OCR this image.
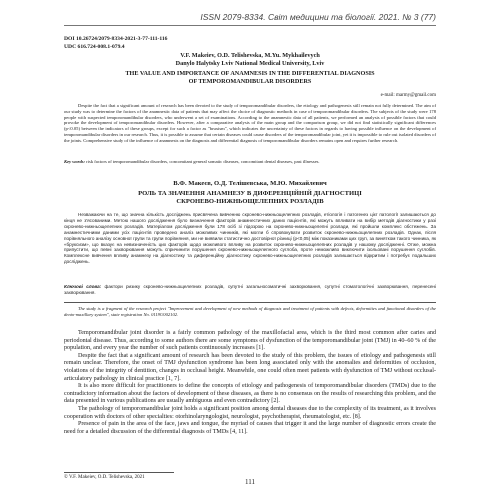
ISSN 2079-8334. Світ медицини та біології. 2021. № 3 (77)
DOI 10.26724/2079-8334-2021-3-77-111-116
UDC 616.724-008.1-079.4
V.F. Makeiev, O.D. Telishevska, M.Yu. Mykhailevych
Danylo Halytsky Lviv National Medical University, Lviv
THE VALUE AND IMPORTANCE OF ANAMNESIS IN THE DIFFERENTIAL DIAGNOSIS
OF TEMPOROMANDIBULAR DISORDERS
e-mail: marmy@gmail.com
Despite the fact that a significant amount of research has been devoted to the study of temporomandibular disorders, the etiology and pathogenesis still remain not fully determined. The aim of our study was to determine the factors of the anamnestic data of patients that may affect the choice of diagnostic methods in case of temporomandibular disorders. The subjects of the study were 178 people with suspected temporomandibular disorders, who underwent a set of examinations. According to the anamnestic data of all patients, we performed an analysis of possible factors that could provoke the development of temporomandibular disorders. However, after a comparative analysis of the main group and the comparison group, we did not find statistically significant differences (p<0.05) between the indicators of these groups, except for such a factor as "bruxism", which indicates the uncertainty of these factors in regards to having possible influence on the development of temporomandibular disorders in our research. Thus, it is possible to assume that certain diseases could cause disorders of the temporomandibular joint, yet it is impossible to rule out isolated disorders of the joints. Comprehensive study of the influence of anamnesis on the diagnosis and differential diagnosis of temporomandibular disorders remains open and requires further research.
Key words: risk factors of temporomandibular disorders, concomitant general somatic diseases, concomitant dental diseases, past illnesses.
В.Ф. Макеєв, О.Д. Телішевська, М.Ю. Михайлевич
РОЛЬ ТА ЗНАЧЕННЯ АНАМНЕЗУ В ДИФЕРЕНЦІЙНІЙ ДІАГНОСТИЦІ
СКРОНЕВО-НИЖНЬОЩЕЛЕПНИХ РОЗЛАДІВ
Незважаючи на те, що значна кількість досліджень присвячена вивченню скронево-нижньощелепних розладів, етіологія і патогенез цієї патології залишаються до кінця не з'ясованими. Метою нашого дослідження було визначення факторів анамнестичних даних пацієнтів, які можуть впливати на вибір методів діагностики у разі скронево-нижньощелепних розладів. Матеріалом дослідження були 178 осіб зі підозрою на скронево-нижньощелепні розлади, які пройшли комплекс обстежень. За анамнестичними даними усіх пацієнтів проведено аналіз можливих чинників, які могли б спровокувати розвиток скронево-нижньощелепних розладів. Однак, після порівняльного аналізу основної групи та групи порівняння, ми не виявили статистично достовірної різниці (p<0,05) між показниками цих груп, за винятком такого чинника, як «бруксизм», що вказує на невизначеність цих факторів щодо можливого впливу на розвиток скронево-нижньощелепних розладів у нашому дослідженні. Отже, можна припустити, що певні захворювання можуть спричинити порушення скронево-нижньощелепного суглоба, проте неможливо виключити ізольовані порушення суглобів. Комплексне вивчення впливу анамнезу на діагностику та диференційну діагностику скронево-нижньощелепних розладів залишається відкритим і потребує подальших досліджень.
Ключові слова: фактори ризику скронево-нижньощелепних розладів, супутні загальносоматичні захворювання, супутні стоматологічні захворювання, перенесені захворювання.
The study is a fragment of the research project "Improvement and development of new methods of diagnosis and treatment of patients with defects, deformities and functional disorders of the dento-maxillary system", state registration No. 0119U002102.

Temporomandibular joint disorder is a fairly common pathology of the maxillofacial area, which is the third most common after caries and periodontal disease. Thus, according to some authors there are some symptoms of dysfunction of the temporomandibular joint (TMJ) in 40–60 % of the population, and every year the number of such patients continuously increases [1].

Despite the fact that a significant amount of research has been devoted to the study of this problem, the issues of etiology and pathogenesis still remain unclear. Therefore, the onset of TMJ dysfunction syndrome has been long associated only with the anomalies and deformities of occlusion, violations of the integrity of dentition, changes in occlusal height. Meanwhile, one could often meet patients with dysfunction of TMJ without occlusal-articulatory pathology in clinical practice [1, 7].

It is also more difficult for practitioners to define the concepts of etiology and pathogenesis of temporomandibular disorders (TMDs) due to the contradictory information about the factors of development of these diseases, as there is no consensus on the results of researching this problem, and the data presented in various publications are usually ambiguous and even contradictory [2].

The pathology of temporomandibular joint holds a significant position among dental diseases due to the complexity of its treatment, as it involves cooperation with doctors of other specialties: otorhinolaryngologist, neurologist, psychotherapist, rheumatologist, etc. [8].

Presence of pain in the area of the face, jaws and tongue, the myriad of causes that trigger it and the large number of diagnostic errors create the need for a detailed discussion of the differential diagnosis of TMDs [4, 11].

© V.F. Makeiev, O.D. Telishevska, 2021
111
